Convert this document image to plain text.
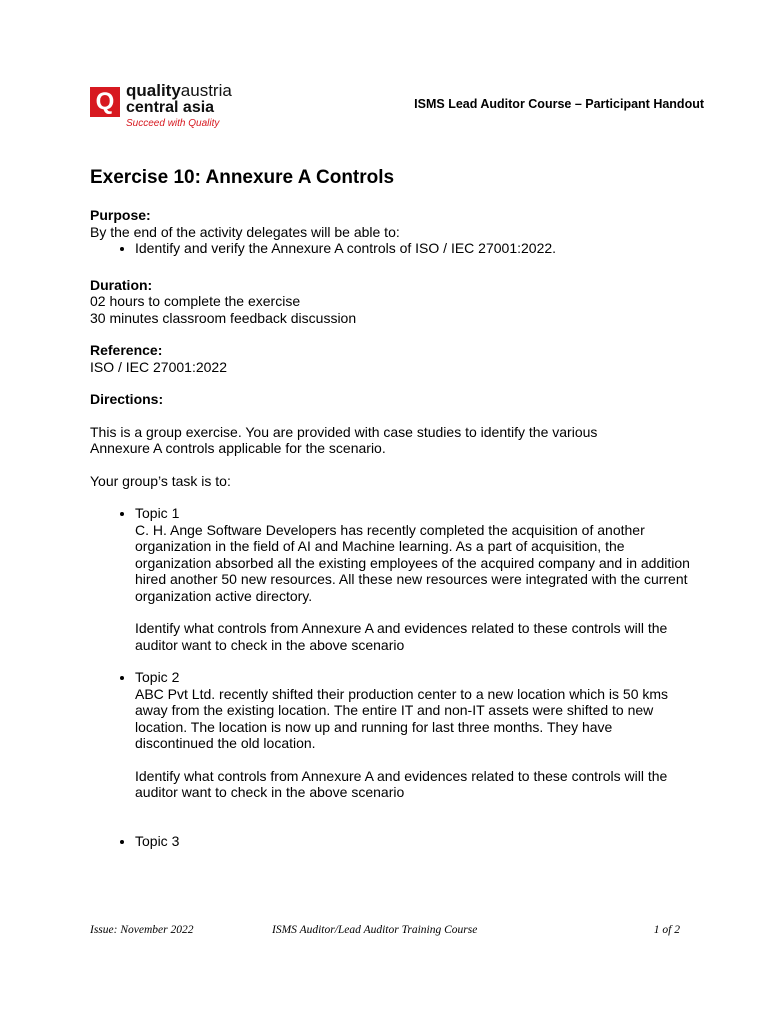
Q qualityaustria
central asia
Succeed with Quality
ISMS Lead Auditor Course – Participant Handout
Exercise 10: Annexure A Controls

Purpose:

By the end of the activity delegates will be able to:

• Identify and verify the Annexure A controls of ISO / IEC 27001:2022.

Duration:

02 hours to complete the exercise

30 minutes classroom feedback discussion

Reference:

ISO / IEC 27001:2022

Directions:

This is a group exercise. You are provided with case studies to identify the various Annexure A controls applicable for the scenario.

Your group’s task is to:

• Topic 1
C. H. Ange Software Developers has recently completed the acquisition of another organization in the field of AI and Machine learning. As a part of acquisition, the organization absorbed all the existing employees of the acquired company and in addition hired another 50 new resources. All these new resources were integrated with the current organization active directory.
Identify what controls from Annexure A and evidences related to these controls will the auditor want to check in the above scenario
• Topic 2
ABC Pvt Ltd. recently shifted their production center to a new location which is 50 kms away from the existing location. The entire IT and non-IT assets were shifted to new location. The location is now up and running for last three months. They have discontinued the old location.
Identify what controls from Annexure A and evidences related to these controls will the auditor want to check in the above scenario
• Topic 3
Issue: November 2022	ISMS Auditor/Lead Auditor Training Course	1 of 2
